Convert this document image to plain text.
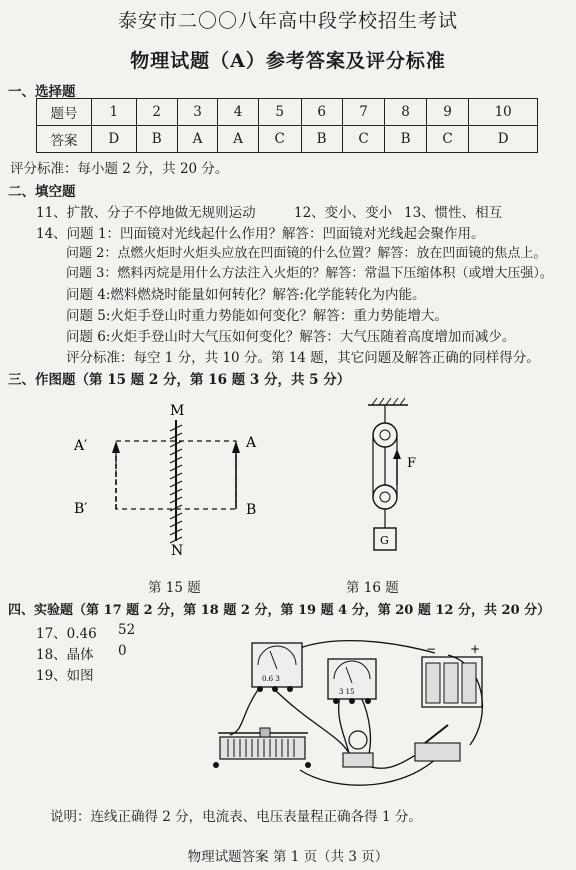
泰安市二〇〇八年高中段学校招生考试
物理试题（A）参考答案及评分标准
一、选择题
题号	1	2	3	4	5	6	7	8	9	10
答案	D	B	A	A	C	B	C	B	C	D
评分标准：每小题 2 分，共 20 分。
二、填空题
11、扩散、分子不停地做无规则运动	12、变小、变小 13、惯性、相互
14、问题 1：凹面镜对光线起什么作用？解答：凹面镜对光线起会聚作用。
问题 2：点燃火炬时火炬头应放在凹面镜的什么位置？解答：放在凹面镜的焦点上。
问题 3：燃料丙烷是用什么方法注入火炬的？解答：常温下压缩体积（或增大压强）。
问题 4:燃料燃烧时能量如何转化？解答:化学能转化为内能。
问题 5:火炬手登山时重力势能如何变化？解答：重力势能增大。
问题 6:火炬手登山时大气压如何变化？解答：大气压随着高度增加而减少。
评分标准：每空 1 分，共 10 分。第 14 题，其它问题及解答正确的同样得分。
三、作图题（第 15 题 2 分，第 16 题 3 分，共 5 分）
M
N
A
B
A′
B′
第 15 题
F
G
第 16 题
四、实验题（第 17 题 2 分，第 18 题 2 分，第 19 题 4 分，第 20 题 12 分，共 20 分）
17、0.46 52
18、晶体 0
19、如图	0.6 3
3 15
−	+
说明：连线正确得 2 分，电流表、电压表量程正确各得 1 分。
物理试题答案 第 1 页（共 3 页）
